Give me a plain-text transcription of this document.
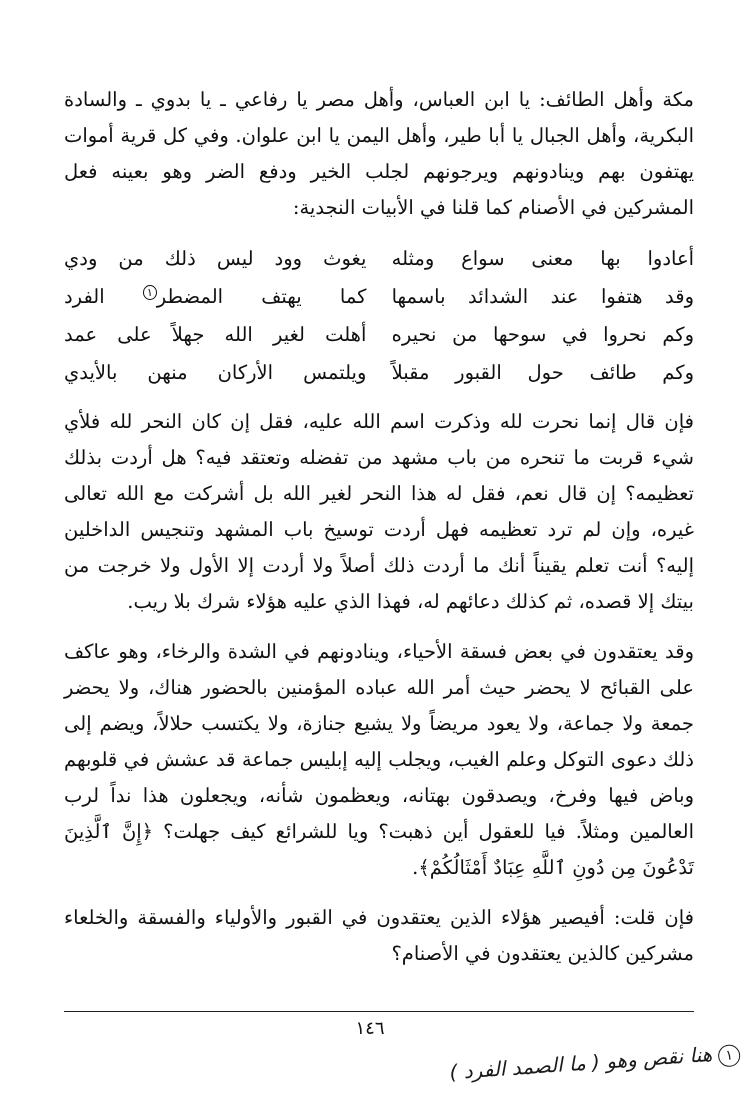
مكة وأهل الطائف: يا ابن العباس، وأهل مصر يا رفاعي ـ يا بدوي ـ والسادة البكرية، وأهل الجبال يا أبا طير، وأهل اليمن يا ابن علوان. وفي كل قرية أموات يهتفون بهم وينادونهم ويرجونهم لجلب الخير ودفع الضر وهو بعينه فعل المشركين في الأصنام كما قلنا في الأبيات النجدية:

أعادوا بها معنى سواع ومثله
يغوث وود ليس ذلك من ودي
وقد هتفوا عند الشدائد باسمها
كما يهتف المضطر$^١$ الفرد
وكم نحروا في سوحها من نحيره
أهلت لغير الله جهلاً على عمد
وكم طائف حول القبور مقبلاً
ويلتمس الأركان منهن بالأيدي

فإن قال إنما نحرت لله وذكرت اسم الله عليه، فقل إن كان النحر لله فلأي شيء قربت ما تنحره من باب مشهد من تفضله وتعتقد فيه؟ هل أردت بذلك تعظيمه؟ إن قال نعم، فقل له هذا النحر لغير الله بل أشركت مع الله تعالى غيره، وإن لم ترد تعظيمه فهل أردت توسيخ باب المشهد وتنجيس الداخلين إليه؟ أنت تعلم يقيناً أنك ما أردت ذلك أصلاً ولا أردت إلا الأول ولا خرجت من بيتك إلا قصده، ثم كذلك دعائهم له، فهذا الذي عليه هؤلاء شرك بلا ريب.

وقد يعتقدون في بعض فسقة الأحياء، وينادونهم في الشدة والرخاء، وهو عاكف على القبائح لا يحضر حيث أمر الله عباده المؤمنين بالحضور هناك، ولا يحضر جمعة ولا جماعة، ولا يعود مريضاً ولا يشيع جنازة، ولا يكتسب حلالاً، ويضم إلى ذلك دعوى التوكل وعلم الغيب، ويجلب إليه إبليس جماعة قد عشش في قلوبهم وباض فيها وفرخ، ويصدقون بهتانه، ويعظمون شأنه، ويجعلون هذا نداً لرب العالمين ومثلاً. فيا للعقول أين ذهبت؟ ويا للشرائع كيف جهلت؟ ﴿إِنَّ ٱلَّذِينَ تَدْعُونَ مِن دُونِ ٱللَّهِ عِبَادٌ أَمْثَالُكُمْ﴾.

فإن قلت: أفيصير هؤلاء الذين يعتقدون في القبور والأولياء والفسقة والخلعاء مشركين كالذين يعتقدون في الأصنام؟

١٤٦
١هنا نقص وهو ( ما الصمد الفرد )
